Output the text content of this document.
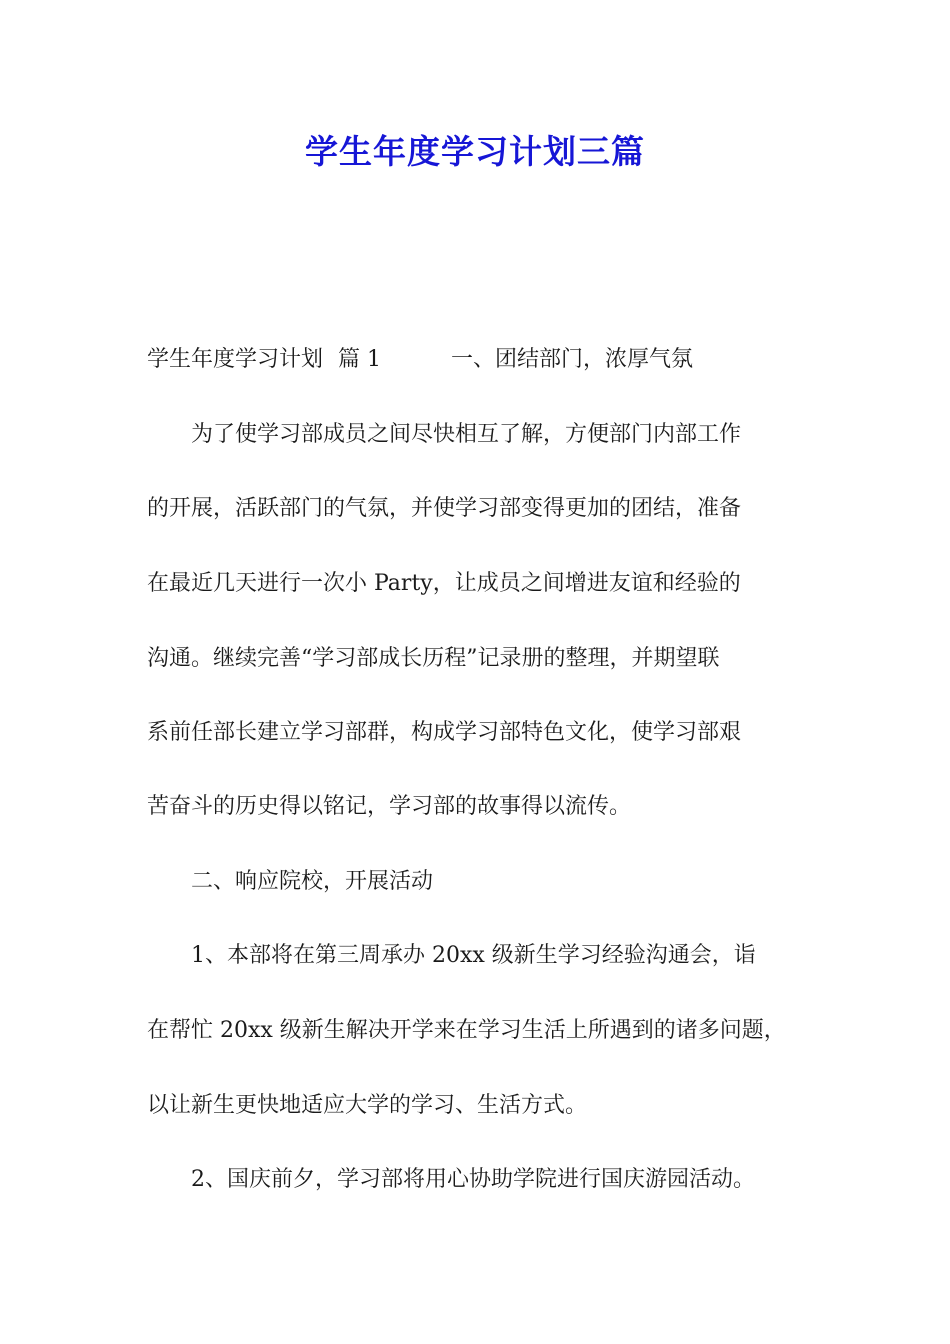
学生年度学习计划三篇
学生年度学习计划 篇 1	一、团结部门，浓厚气氛
为了使学习部成员之间尽快相互了解，方便部门内部工作
的开展，活跃部门的气氛，并使学习部变得更加的团结，准备
在最近几天进行一次小 Party，让成员之间增进友谊和经验的
沟通。继续完善“学习部成长历程”记录册的整理，并期望联
系前任部长建立学习部群，构成学习部特色文化，使学习部艰
苦奋斗的历史得以铭记，学习部的故事得以流传。
二、响应院校，开展活动
1、本部将在第三周承办 20xx 级新生学习经验沟通会，诣
在帮忙 20xx 级新生解决开学来在学习生活上所遇到的诸多问题，
以让新生更快地适应大学的学习、生活方式。
2、国庆前夕，学习部将用心协助学院进行国庆游园活动。
